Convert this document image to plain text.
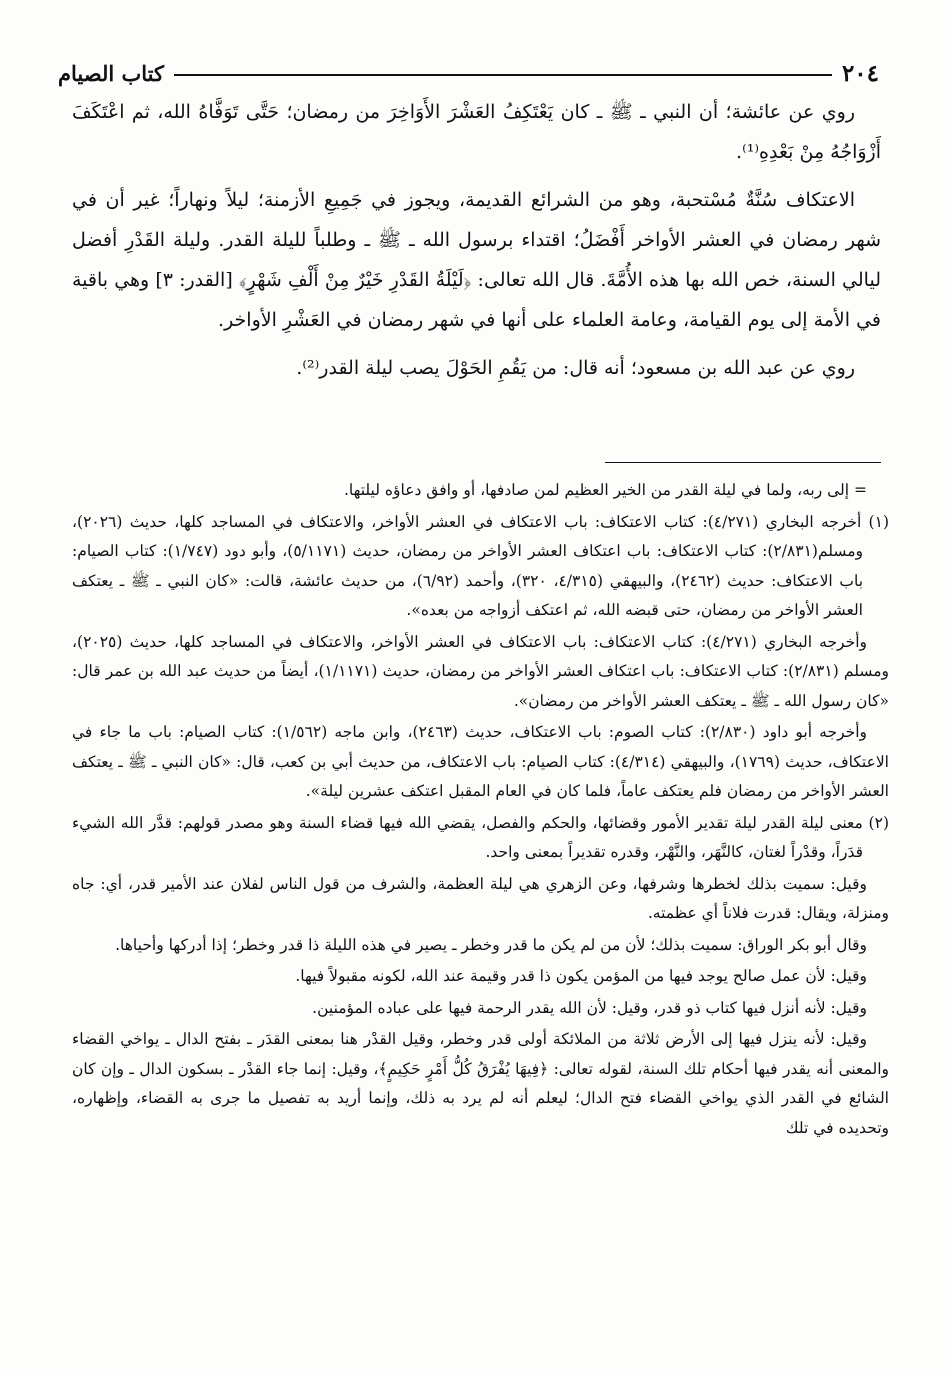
كتاب الصيام	٢٠٤

روي عن عائشة؛ أن النبي ـ ﷺ ـ كان يَعْتَكِفُ العَشْرَ الأَوَاخِرَ من رمضان؛ حَتَّى تَوَفَّاهُ الله، ثم اعْتَكَفَ أَزْوَاجُهُ مِنْ بَعْدِهِ⁽¹⁾.

الاعتكاف سُنَّةٌ مُسْتحبة، وهو من الشرائع القديمة، ويجوز في جَمِيعِ الأزمنة؛ ليلاً ونهاراً؛ غير أن في شهر رمضان في العشر الأواخر أَفْضَلُ؛ اقتداء برسول الله ـ ﷺ ـ وطلباً لليلة القدر. وليلة القَدْرِ أفضل ليالي السنة، خص الله بها هذه الأُمَّةَ. قال الله تعالى: ﴿لَيْلَةُ القَدْرِ خَيْرٌ مِنْ أَلْفِ شَهْرٍ﴾ [القدر: ٣] وهي باقية في الأمة إلى يوم القيامة، وعامة العلماء على أنها في شهر رمضان في العَشْرِ الأواخر.

روي عن عبد الله بن مسعود؛ أنه قال: من يَقُمِ الحَوْلَ يصب ليلة القدر⁽²⁾.

= إلى ربه، ولما في ليلة القدر من الخير العظيم لمن صادفها، أو وافق دعاؤه ليلتها.

(١) أخرجه البخاري (٤/٢٧١): كتاب الاعتكاف: باب الاعتكاف في العشر الأواخر، والاعتكاف في المساجد كلها، حديث (٢٠٢٦)، ومسلم(٢/٨٣١): كتاب الاعتكاف: باب اعتكاف العشر الأواخر من رمضان، حديث (٥/١١٧١)، وأبو دود (١/٧٤٧): كتاب الصيام: باب الاعتكاف: حديث (٢٤٦٢)، والبيهقي (٤/٣١٥، ٣٢٠)، وأحمد (٦/٩٢)، من حديث عائشة، قالت: «كان النبي ـ ﷺ ـ يعتكف العشر الأواخر من رمضان، حتى قبضه الله، ثم اعتكف أزواجه من بعده».

وأخرجه البخاري (٤/٢٧١): كتاب الاعتكاف: باب الاعتكاف في العشر الأواخر، والاعتكاف في المساجد كلها، حديث (٢٠٢٥)، ومسلم (٢/٨٣١): كتاب الاعتكاف: باب اعتكاف العشر الأواخر من رمضان، حديث (١/١١٧١)، أيضاً من حديث عبد الله بن عمر قال: «كان رسول الله ـ ﷺ ـ يعتكف العشر الأواخر من رمضان».

وأخرجه أبو داود (٢/٨٣٠): كتاب الصوم: باب الاعتكاف، حديث (٢٤٦٣)، وابن ماجه (١/٥٦٢): كتاب الصيام: باب ما جاء في الاعتكاف، حديث (١٧٦٩)، والبيهقي (٤/٣١٤): كتاب الصيام: باب الاعتكاف، من حديث أبي بن كعب، قال: «كان النبي ـ ﷺ ـ يعتكف العشر الأواخر من رمضان فلم يعتكف عاماً، فلما كان في العام المقبل اعتكف عشرين ليلة».

(٢) معنى ليلة القدر ليلة تقدير الأمور وقضائها، والحكم والفصل، يقضي الله فيها قضاء السنة وهو مصدر قولهم: قدَّر الله الشيء قدَراً، وقدْراً لغتان، كالنَّهَر، والنَّهْر، وقدره تقديراً بمعنى واحد.

وقيل: سميت بذلك لخطرها وشرفها، وعن الزهري هي ليلة العظمة، والشرف من قول الناس لفلان عند الأمير قدر، أي: جاه ومنزلة، ويقال: قدرت فلاناً أي عظمته.

وقال أبو بكر الوراق: سميت بذلك؛ لأن من لم يكن ما قدر وخطر ـ يصير في هذه الليلة ذا قدر وخطر؛ إذا أدركها وأحياها.

وقيل: لأن عمل صالح يوجد فيها من المؤمن يكون ذا قدر وقيمة عند الله، لكونه مقبولاً فيها.

وقيل: لأنه أنزل فيها كتاب ذو قدر، وقيل: لأن الله يقدر الرحمة فيها على عباده المؤمنين.

وقيل: لأنه ينزل فيها إلى الأرض ثلاثة من الملائكة أولى قدر وخطر، وقيل القدْر هنا بمعنى القدَر ـ بفتح الدال ـ يواخي القضاء والمعنى أنه يقدر فيها أحكام تلك السنة، لقوله تعالى: ﴿فِيهَا يُفْرَقُ كُلُّ أَمْرٍ حَكِيمٍ﴾، وقيل: إنما جاء القدْر ـ بسكون الدال ـ وإن كان الشائع في القدر الذي يواخي القضاء فتح الدال؛ ليعلم أنه لم يرد به ذلك، وإنما أريد به تفصيل ما جرى به القضاء، وإظهاره، وتحديده في تلك
